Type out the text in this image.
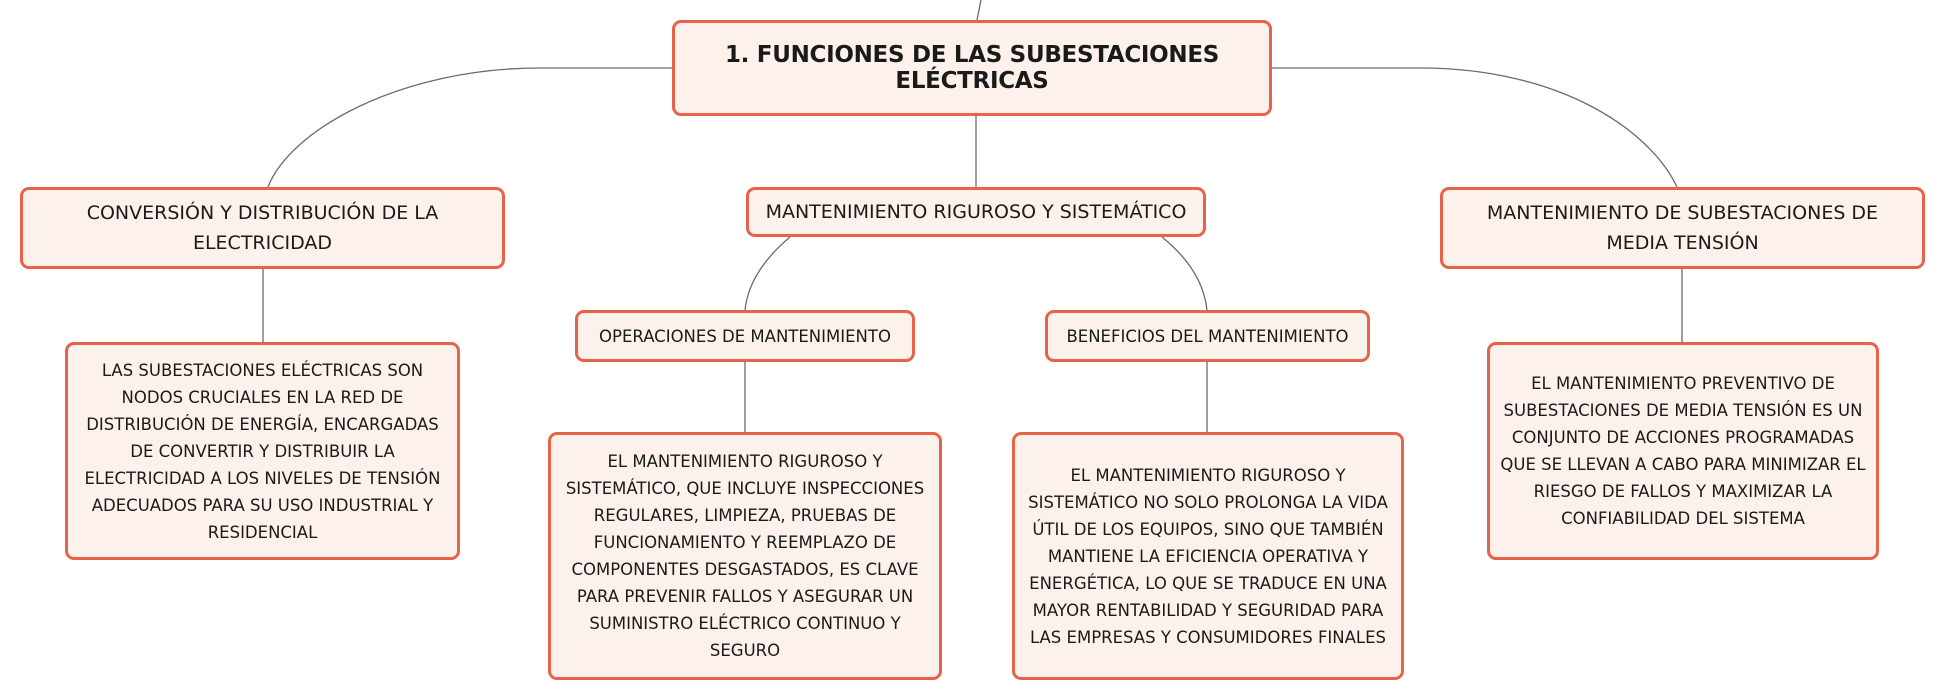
1. FUNCIONES DE LAS SUBESTACIONES ELÉCTRICAS
CONVERSIÓN Y DISTRIBUCIÓN DE LA ELECTRICIDAD
MANTENIMIENTO RIGUROSO Y SISTEMÁTICO	MANTENIMIENTO DE SUBESTACIONES DE MEDIA TENSIÓN
OPERACIONES DE MANTENIMIENTO	BENEFICIOS DEL MANTENIMIENTO
LAS SUBESTACIONES ELÉCTRICAS SON NODOS CRUCIALES EN LA RED DE DISTRIBUCIÓN DE ENERGÍA, ENCARGADAS DE CONVERTIR Y DISTRIBUIR LA ELECTRICIDAD A LOS NIVELES DE TENSIÓN ADECUADOS PARA SU USO INDUSTRIAL Y RESIDENCIAL
EL MANTENIMIENTO RIGUROSO Y SISTEMÁTICO, QUE INCLUYE INSPECCIONES REGULARES, LIMPIEZA, PRUEBAS DE FUNCIONAMIENTO Y REEMPLAZO DE COMPONENTES DESGASTADOS, ES CLAVE PARA PREVENIR FALLOS Y ASEGURAR UN SUMINISTRO ELÉCTRICO CONTINUO Y SEGURO
EL MANTENIMIENTO RIGUROSO Y SISTEMÁTICO NO SOLO PROLONGA LA VIDA ÚTIL DE LOS EQUIPOS, SINO QUE TAMBIÉN MANTIENE LA EFICIENCIA OPERATIVA Y ENERGÉTICA, LO QUE SE TRADUCE EN UNA MAYOR RENTABILIDAD Y SEGURIDAD PARA LAS EMPRESAS Y CONSUMIDORES FINALES
EL MANTENIMIENTO PREVENTIVO DE SUBESTACIONES DE MEDIA TENSIÓN ES UN CONJUNTO DE ACCIONES PROGRAMADAS QUE SE LLEVAN A CABO PARA MINIMIZAR EL RIESGO DE FALLOS Y MAXIMIZAR LA CONFIABILIDAD DEL SISTEMA
